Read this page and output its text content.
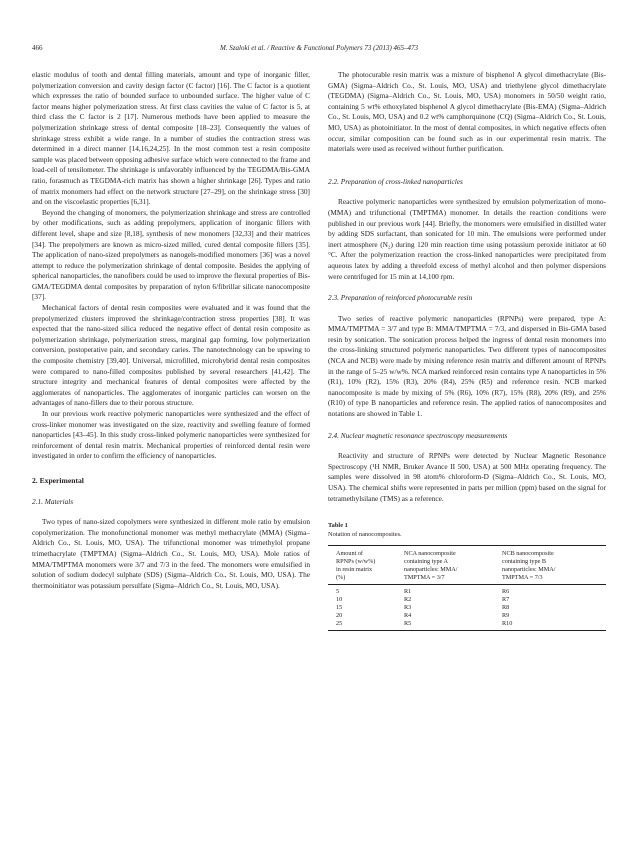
466	M. Szaloki et al. / Reactive & Functional Polymers 73 (2013) 465–473

elastic modulus of tooth and dental filling materials, amount and type of inorganic filler, polymerization conversion and cavity design factor (C factor) [16]. The C factor is a quotient which expresses the ratio of bounded surface to unbounded surface. The higher value of C factor means higher polymerization stress. At first class cavities the value of C factor is 5, at third class the C factor is 2 [17]. Numerous methods have been applied to measure the polymerization shrinkage stress of dental composite [18–23]. Consequently the values of shrinkage stress exhibit a wide range. In a number of studies the contraction stress was determined in a direct manner [14,16,24,25]. In the most common test a resin composite sample was placed between opposing adhesive surface which were connected to the frame and load-cell of tensilometer. The shrinkage is unfavorably influenced by the TEGDMA/Bis-GMA ratio, forasmuch as TEGDMA-rich matrix has shown a higher shrinkage [26]. Types and ratio of matrix monomers had effect on the network structure [27–29], on the shrinkage stress [30] and on the viscoelastic properties [6,31].

Beyond the changing of monomers, the polymerization shrinkage and stress are controlled by other modifications, such as adding prepolymers, application of inorganic fillers with different level, shape and size [8,18], synthesis of new monomers [32,33] and their matrices [34]. The prepolymers are known as micro-sized milled, cured dental composite fillers [35]. The application of nano-sized prepolymers as nanogels-modified monomers [36] was a novel attempt to reduce the polymerization shrinkage of dental composite. Besides the applying of spherical nanoparticles, the nanofibers could be used to improve the flexural properties of Bis-GMA/TEGDMA dental composites by preparation of nylon 6/fibrillar silicate nanocomposite [37].

Mechanical factors of dental resin composites were evaluated and it was found that the prepolymerized clusters improved the shrinkage/contraction stress properties [38]. It was expected that the nano-sized silica reduced the negative effect of dental resin composite as polymerization shrinkage, polymerization stress, marginal gap forming, low polymerization conversion, postoperative pain, and secondary caries. The nanotechnology can be upswing to the composite chemistry [39,40]. Universal, microfilled, microhybrid dental resin composites were compared to nano-filled composites published by several researchers [41,42]. The structure integrity and mechanical features of dental composites were affected by the agglomerates of nanoparticles. The agglomerates of inorganic particles can worsen on the advantages of nano-fillers due to their porous structure.

In our previous work reactive polymeric nanoparticles were synthesized and the effect of cross-linker monomer was investigated on the size, reactivity and swelling feature of formed nanoparticles [43–45]. In this study cross-linked polymeric nanoparticles were synthesized for reinforcement of dental resin matrix. Mechanical properties of reinforced dental resin were investigated in order to confirm the efficiency of nanoparticles.

2. Experimental
2.1. Materials

Two types of nano-sized copolymers were synthesized in different mole ratio by emulsion copolymerization. The monofunctional monomer was methyl methacrylate (MMA) (Sigma–Aldrich Co., St. Louis, MO, USA). The trifunctional monomer was trimethylol propane trimethacrylate (TMPTMA) (Sigma–Aldrich Co., St. Louis, MO, USA). Mole ratios of MMA/TMPTMA monomers were 3/7 and 7/3 in the feed. The monomers were emulsified in solution of sodium dodecyl sulphate (SDS) (Sigma–Aldrich Co., St. Louis, MO, USA). The thermoinitiator was potassium persulfate (Sigma–Aldrich Co., St. Louis, MO, USA).

The photocurable resin matrix was a mixture of bisphenol A glycol dimethacrylate (Bis-GMA) (Sigma–Aldrich Co., St. Louis, MO, USA) and triethylene glycol dimethacrylate (TEGDMA) (Sigma–Aldrich Co., St. Louis, MO, USA) monomers in 50/50 weight ratio, containing 5 wt% ethoxylated bisphenol A glycol dimethacrylate (Bis-EMA) (Sigma–Aldrich Co., St. Louis, MO, USA) and 0.2 wt% camphorquinone (CQ) (Sigma–Aldrich Co., St. Louis, MO, USA) as photoinitiator. In the most of dental composites, in which negative effects often occur, similar composition can be found such as in our experimental resin matrix. The materials were used as received without further purification.

2.2. Preparation of cross-linked nanoparticles

Reactive polymeric nanoparticles were synthesized by emulsion polymerization of mono- (MMA) and trifunctional (TMPTMA) monomer. In details the reaction conditions were published in our previous work [44]. Briefly, the monomers were emulsified in distilled water by adding SDS surfactant, than sonicated for 10 min. The emulsions were performed under inert atmosphere (N₂) during 120 min reaction time using potassium peroxide initiator at 60 °C. After the polymerization reaction the cross-linked nanoparticles were precipitated from aqueous latex by adding a threefold excess of methyl alcohol and then polymer dispersions were centrifuged for 15 min at 14,100 rpm.

2.3. Preparation of reinforced photocurable resin

Two series of reactive polymeric nanoparticles (RPNPs) were prepared, type A: MMA/TMPTMA = 3/7 and type B: MMA/TMPTMA = 7/3, and dispersed in Bis-GMA based resin by sonication. The sonication process helped the ingress of dental resin monomers into the cross-linking structured polymeric nanoparticles. Two different types of nanocomposites (NCA and NCB) were made by mixing reference resin matrix and different amount of RPNPs in the range of 5–25 w/w%. NCA marked reinforced resin contains type A nanoparticles in 5% (R1), 10% (R2), 15% (R3), 20% (R4), 25% (R5) and reference resin. NCB marked nanocomposite is made by mixing of 5% (R6), 10% (R7), 15% (R8), 20% (R9), and 25% (R10) of type B nanoparticles and reference resin. The applied ratios of nanocomposites and notations are showed in Table 1.

2.4. Nuclear magnetic resonance spectroscopy measurements

Reactivity and structure of RPNPs were detected by Nuclear Magnetic Resonance Spectroscopy (¹H NMR, Bruker Avance II 500, USA) at 500 MHz operating frequency. The samples were dissolved in 98 atom% chloroform-D (Sigma–Aldrich Co., St. Louis, MO, USA). The chemical shifts were represented in parts per million (ppm) based on the signal for tetramethylsilane (TMS) as a reference.

Table 1
Notation of nanocomposites.
Amount of
RPNPs (w/w%)
in resin matrix
(%)	NCA nanocomposite
containing type A
nanoparticles: MMA/
TMPTMA = 3/7	NCB nanocomposite
containing type B
nanoparticles: MMA/
TMPTMA = 7/3
5	R1	R6
10	R2	R7
15	R3	R8
20	R4	R9
25	R5	R10
